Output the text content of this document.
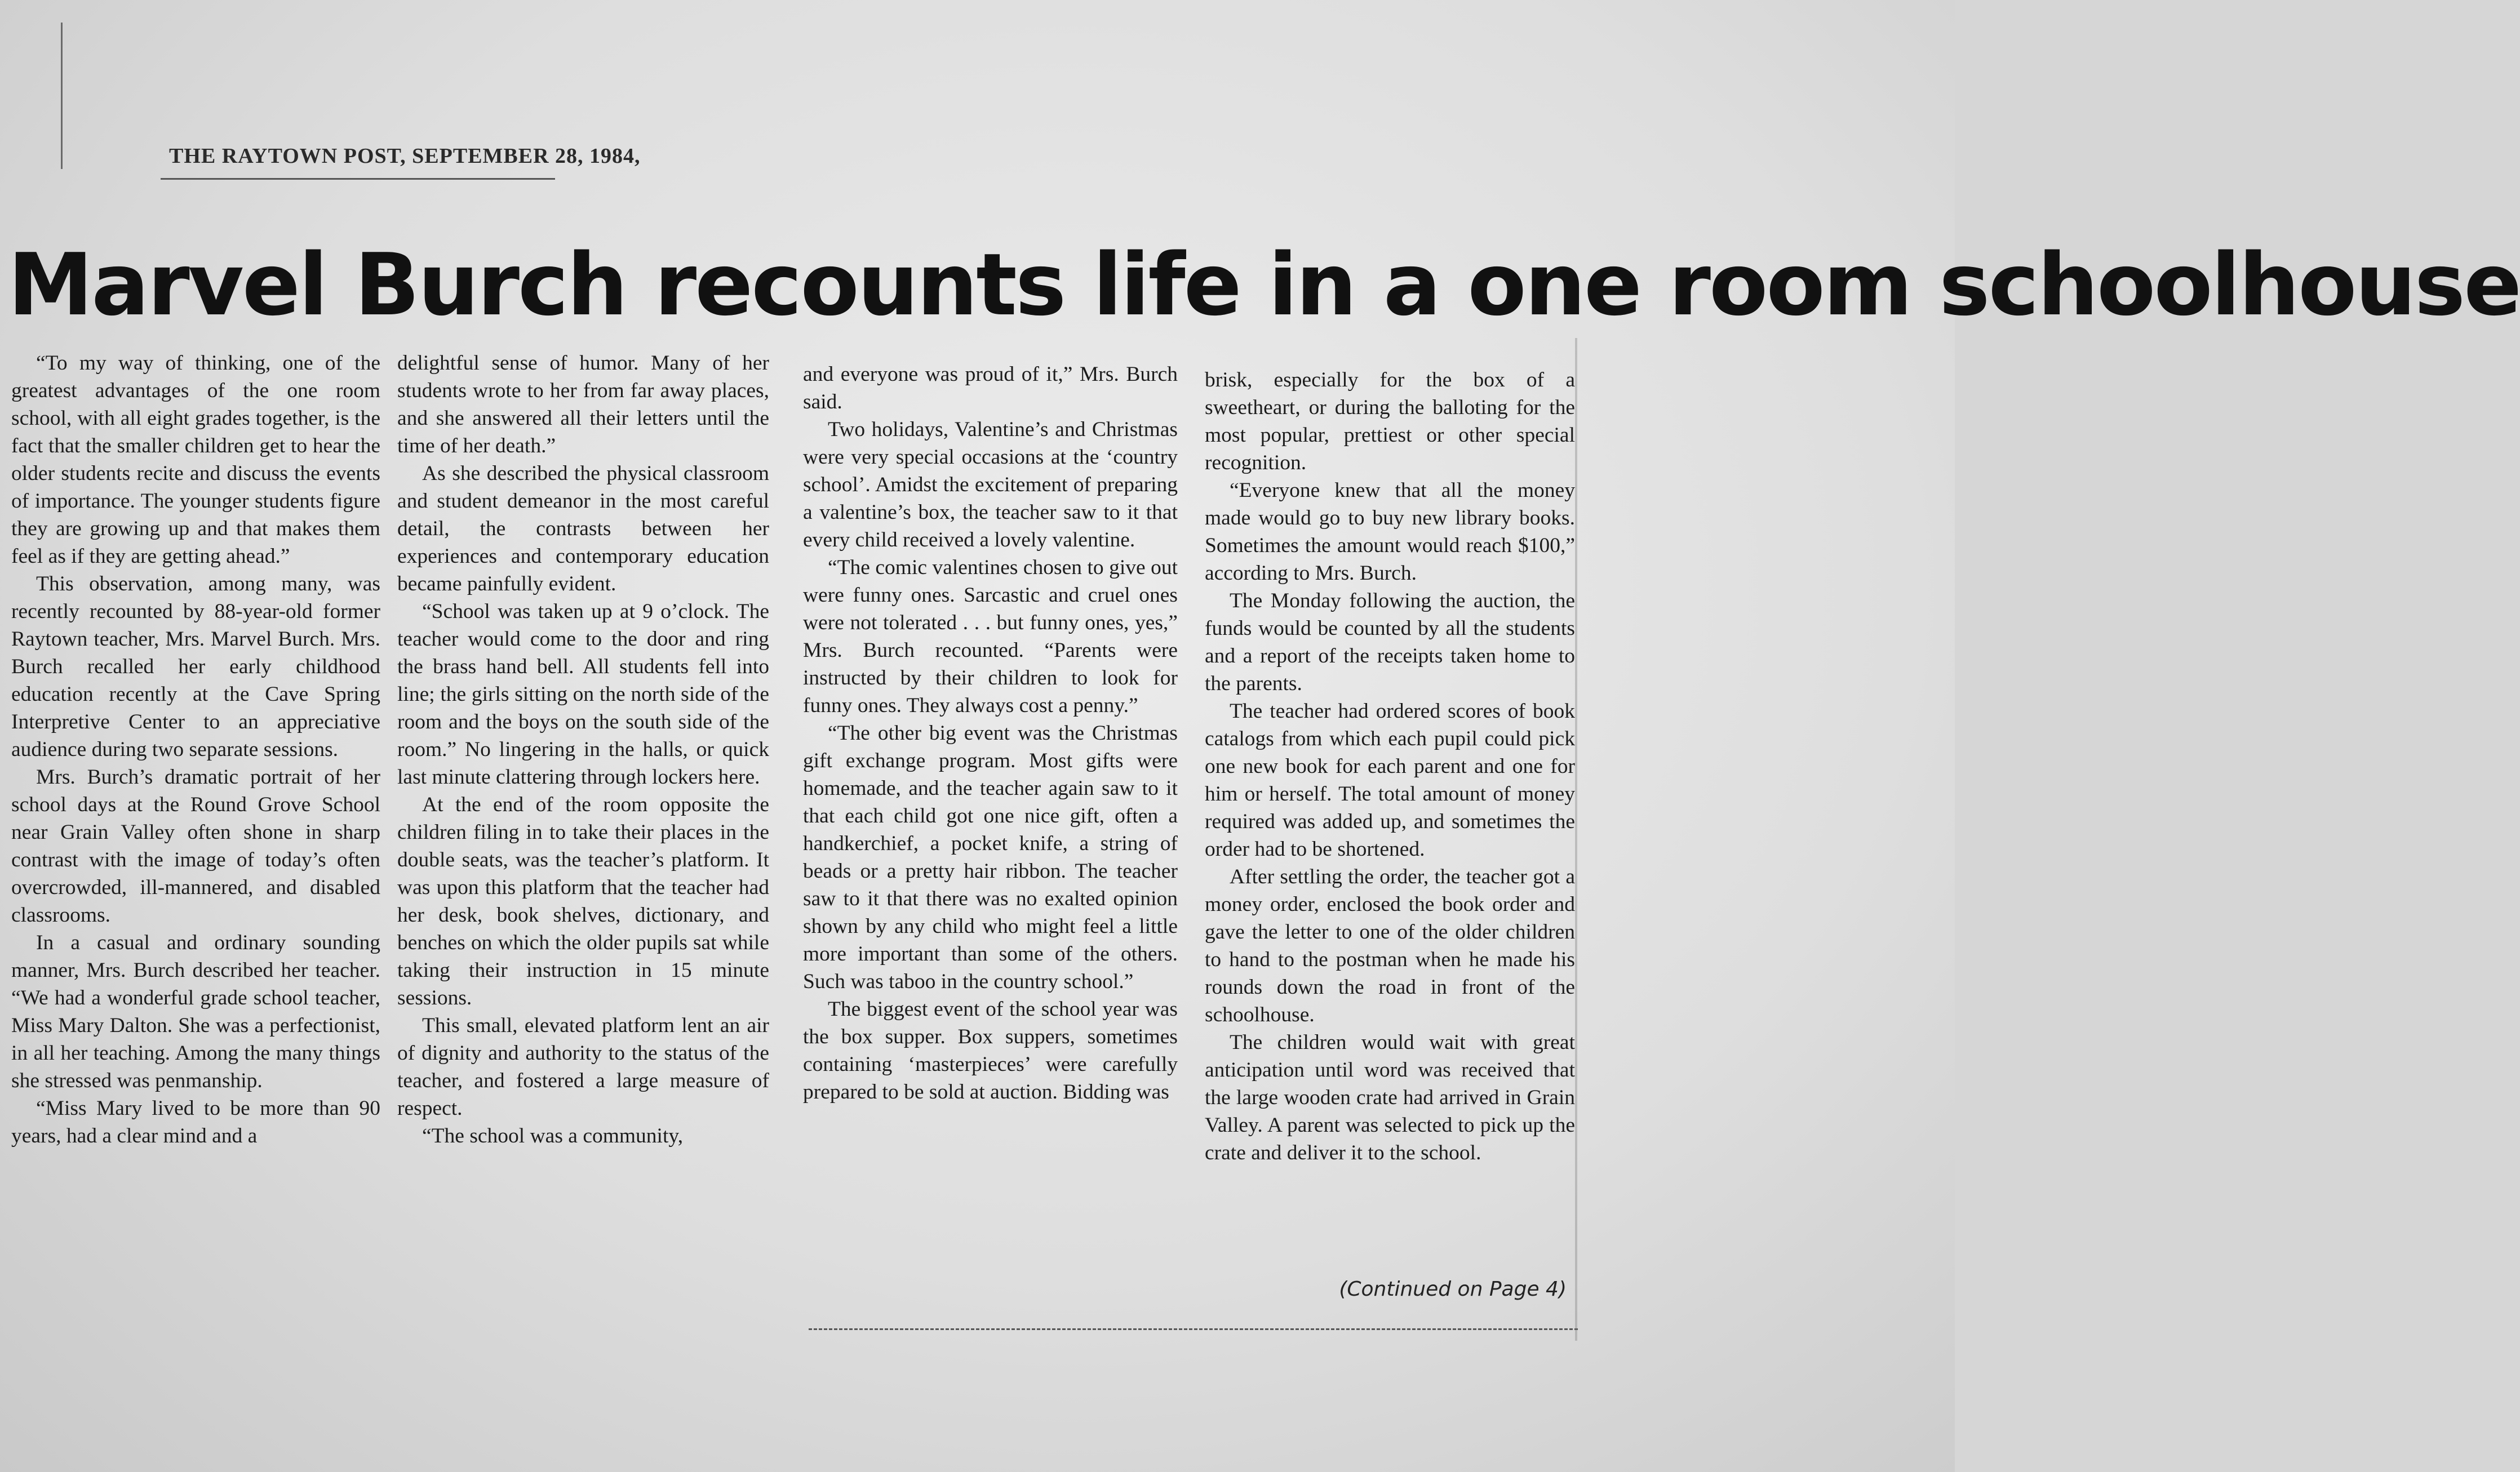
THE RAYTOWN POST, SEPTEMBER 28, 1984,
Marvel Burch recounts life in a one room schoolhouse

“To my way of thinking, one of the greatest advantages of the one room school, with all eight grades together, is the fact that the smaller children get to hear the older students recite and discuss the events of importance. The younger students figure they are growing up and that makes them feel as if they are getting ahead.”

This observation, among many, was recently recounted by 88-year-old former Raytown teacher, Mrs. Marvel Burch. Mrs. Burch recalled her early childhood education recently at the Cave Spring Interpretive Center to an appreciative audience during two separate sessions.

Mrs. Burch’s dramatic portrait of her school days at the Round Grove School near Grain Valley often shone in sharp contrast with the image of today’s often overcrowded, ill-mannered, and disabled classrooms.

In a casual and ordinary sounding manner, Mrs. Burch described her teacher. “We had a wonderful grade school teacher, Miss Mary Dalton. She was a perfectionist, in all her teaching. Among the many things she stressed was penmanship.

“Miss Mary lived to be more than 90 years, had a clear mind and a

delightful sense of humor. Many of her students wrote to her from far away places, and she answered all their letters until the time of her death.”

As she described the physical classroom and student demeanor in the most careful detail, the contrasts between her experiences and contemporary education became painfully evident.

“School was taken up at 9 o’clock. The teacher would come to the door and ring the brass hand bell. All students fell into line; the girls sitting on the north side of the room and the boys on the south side of the room.” No lingering in the halls, or quick last minute clattering through lockers here.

At the end of the room opposite the children filing in to take their places in the double seats, was the teacher’s platform. It was upon this platform that the teacher had her desk, book shelves, dictionary, and benches on which the older pupils sat while taking their instruction in 15 minute sessions.

This small, elevated platform lent an air of dignity and authority to the status of the teacher, and fostered a large measure of respect.

“The school was a community,

and everyone was proud of it,” Mrs. Burch said.

Two holidays, Valentine’s and Christmas were very special occasions at the ‘country school’. Amidst the excitement of preparing a valentine’s box, the teacher saw to it that every child received a lovely valentine.

“The comic valentines chosen to give out were funny ones. Sarcastic and cruel ones were not tolerated . . . but funny ones, yes,” Mrs. Burch recounted. “Parents were instructed by their children to look for funny ones. They always cost a penny.”

“The other big event was the Christmas gift exchange program. Most gifts were homemade, and the teacher again saw to it that each child got one nice gift, often a handkerchief, a pocket knife, a string of beads or a pretty hair ribbon. The teacher saw to it that there was no exalted opinion shown by any child who might feel a little more important than some of the others. Such was taboo in the country school.”

The biggest event of the school year was the box supper. Box suppers, sometimes containing ‘masterpieces’ were carefully prepared to be sold at auction. Bidding was

brisk, especially for the box of a sweetheart, or during the balloting for the most popular, prettiest or other special recognition.

“Everyone knew that all the money made would go to buy new library books. Sometimes the amount would reach $100,” according to Mrs. Burch.

The Monday following the auction, the funds would be counted by all the students and a report of the receipts taken home to the parents.

The teacher had ordered scores of book catalogs from which each pupil could pick one new book for each parent and one for him or herself. The total amount of money required was added up, and sometimes the order had to be shortened.

After settling the order, the teacher got a money order, enclosed the book order and gave the letter to one of the older children to hand to the postman when he made his rounds down the road in front of the schoolhouse.

The children would wait with great anticipation until word was received that the large wooden crate had arrived in Grain Valley. A parent was selected to pick up the crate and deliver it to the school.

(Continued on Page 4)
